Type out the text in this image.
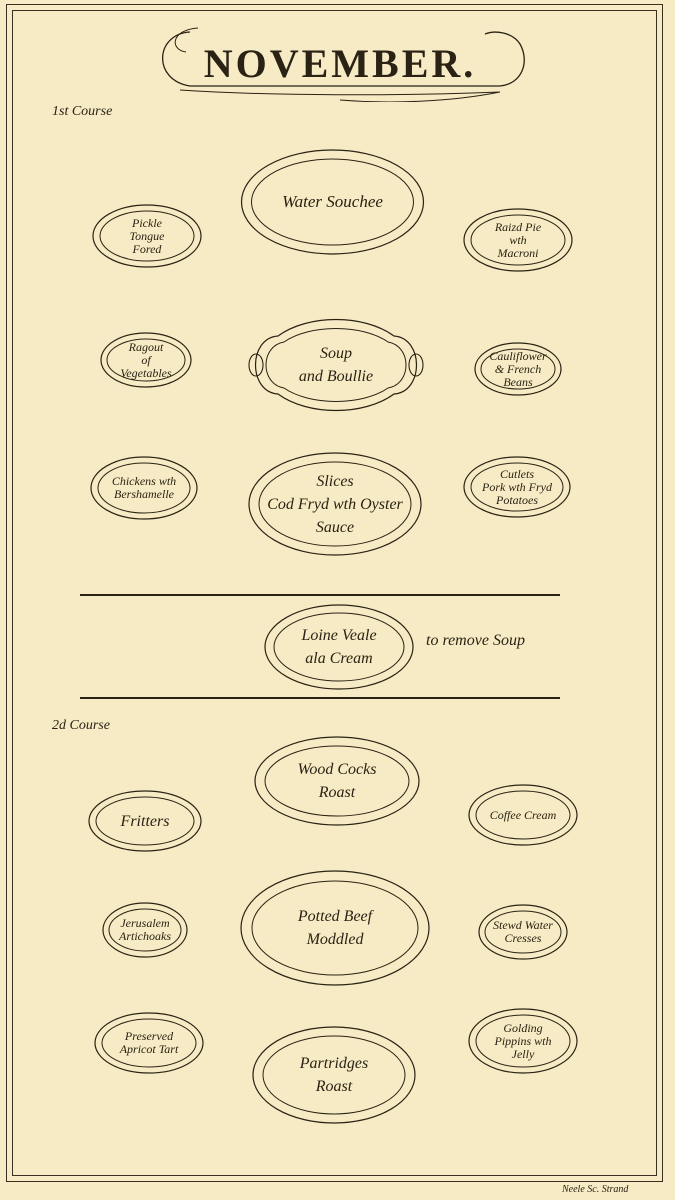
NOVEMBER.
1st Course
Water Souchee
Pickle
Tongue
Fored
Raizd Pie
wth
Macroni
Soup
and Boullie
Ragout
of
Vegetables
Cauliflower
& French
Beans
Slices
Cod Fryd wth Oyster
Sauce
Chickens wth
Bershamelle
Cutlets
Pork wth Fryd
Potatoes
Loine Veale
ala Cream
to remove Soup
2d Course
Wood Cocks
Roast
Fritters	Coffee Cream
Potted Beef
Moddled
Jerusalem
Artichoaks
Stewd Water
Cresses
Partridges
Roast
Preserved
Apricot Tart
Golding
Pippins wth
Jelly
Neele Sc. Strand
